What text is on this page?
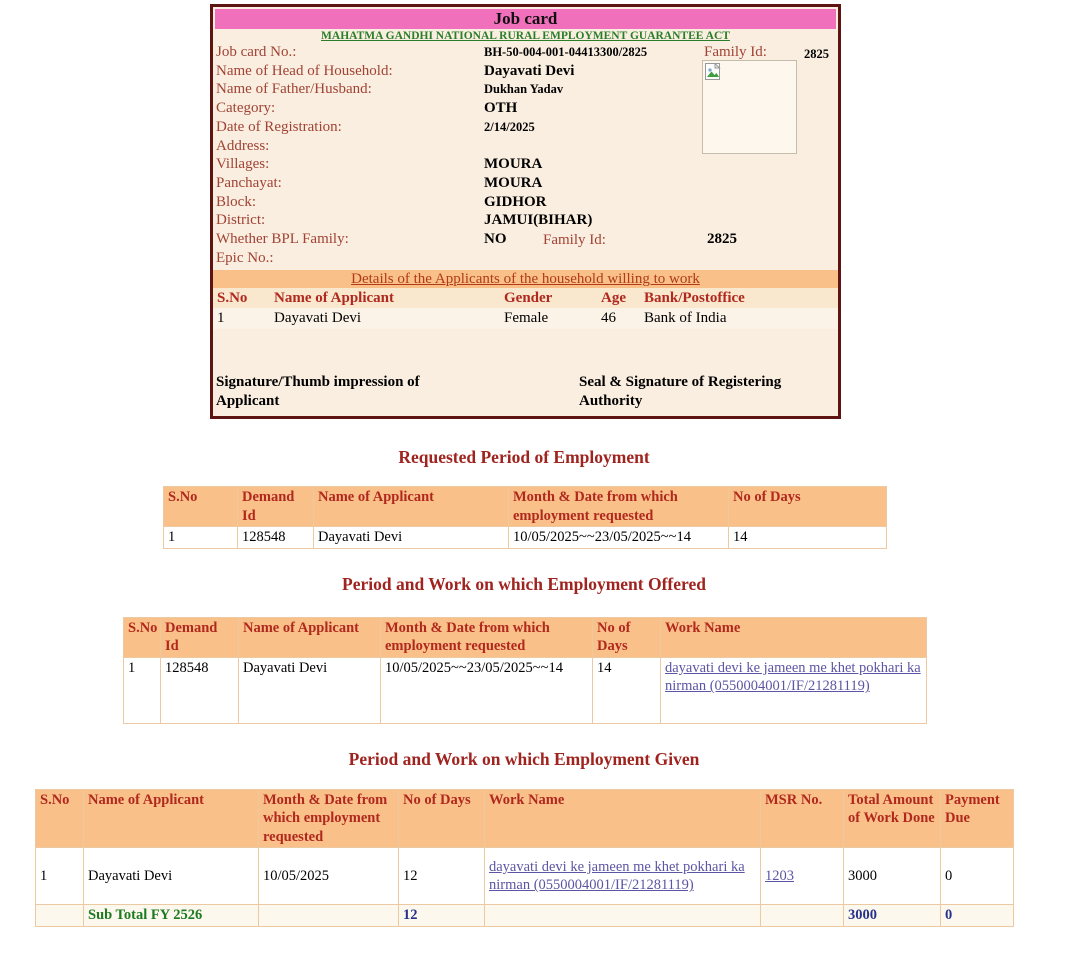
Job card
MAHATMA GANDHI NATIONAL RURAL EMPLOYMENT GUARANTEE ACT
Job card No.:	BH-50-004-001-04413300/2825	Family Id:	2825
Name of Head of Household:	Dayavati Devi
Name of Father/Husband:	Dukhan Yadav
Category:	OTH
Date of Registration:	2/14/2025
Address:
Villages:	MOURA
Panchayat:	MOURA
Block:	GIDHOR
District:	JAMUI(BIHAR)
Whether BPL Family:	NO Family Id:	2825
Epic No.:
Details of the Applicants of the household willing to work
S.No	Name of Applicant	Gender	Age	Bank/Postoffice
1	Dayavati Devi	Female	46	Bank of India
Signature/Thumb impression of Applicant
Seal & Signature of Registering Authority
Requested Period of Employment
S.No	Demand Id	Name of Applicant	Month & Date from which employment requested	No of Days
1	128548	Dayavati Devi	10/05/2025~~23/05/2025~~14	14
Period and Work on which Employment Offered
S.No	Demand Id	Name of Applicant	Month & Date from which employment requested	No of Days	Work Name
1	128548	Dayavati Devi	10/05/2025~~23/05/2025~~14	14	dayavati devi ke jameen me khet pokhari ka nirman (0550004001/IF/21281119)
Period and Work on which Employment Given
S.No	Name of Applicant	Month & Date from which employment requested	No of Days	Work Name	MSR No.	Total Amount of Work Done	Payment Due
1	Dayavati Devi	10/05/2025	12	dayavati devi ke jameen me khet pokhari ka nirman (0550004001/IF/21281119)	1203	3000	0
	Sub Total FY 2526		12			3000	0
